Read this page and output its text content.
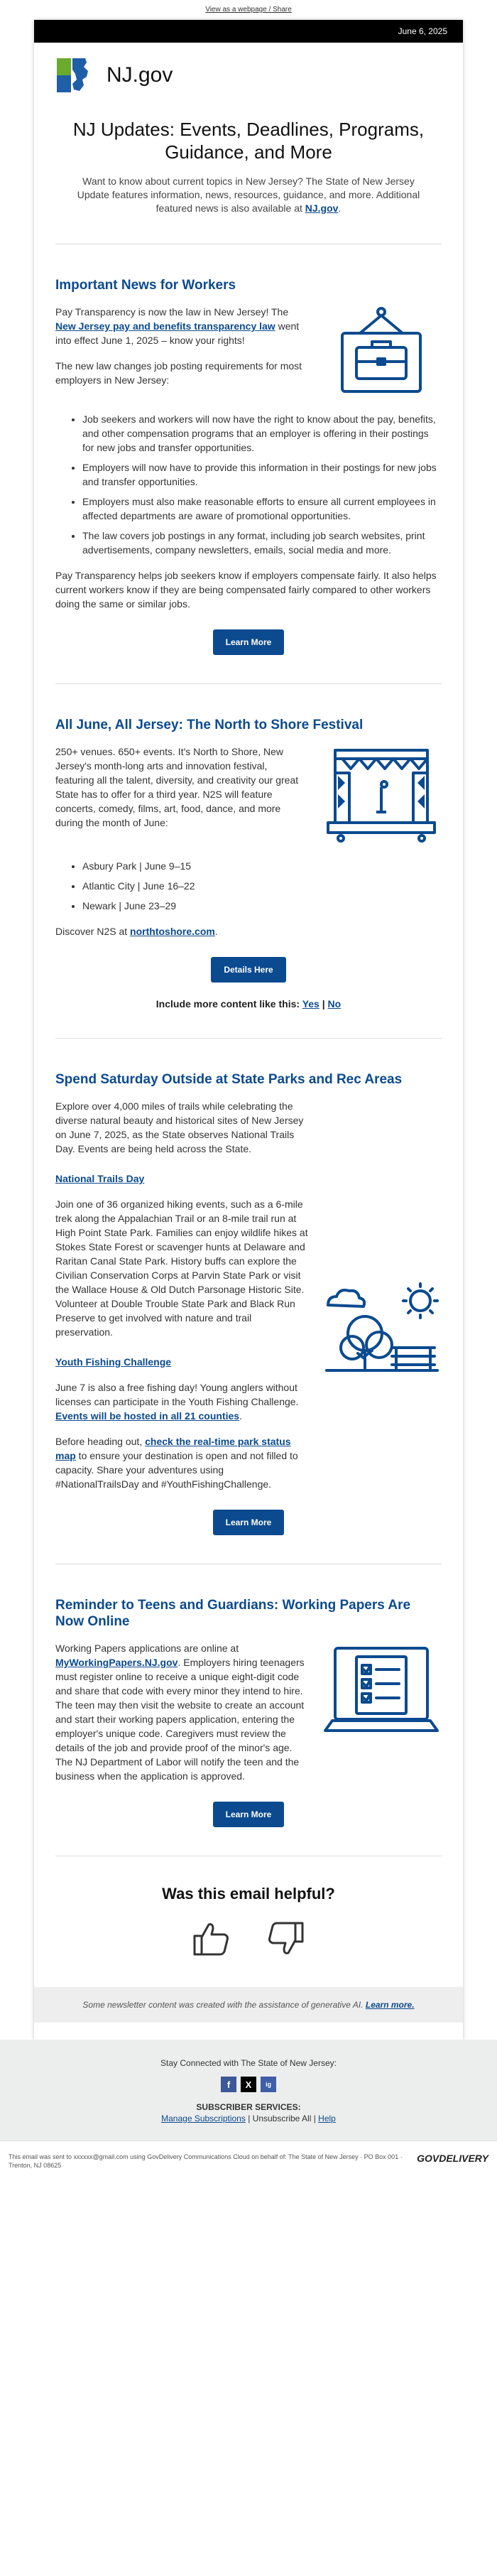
View as a webpage / Share
June 6, 2025
NJ.gov
NJ Updates: Events, Deadlines, Programs, Guidance, and More

Want to know about current topics in New Jersey? The State of New Jersey Update features information, news, resources, guidance, and more. Additional featured news is also available at NJ.gov.

Important News for Workers

Pay Transparency is now the law in New Jersey! The New Jersey pay and benefits transparency law went into effect June 1, 2025 – know your rights!

The new law changes job posting requirements for most employers in New Jersey:

• Job seekers and workers will now have the right to know about the pay, benefits, and other compensation programs that an employer is offering in their postings for new jobs and transfer opportunities.
• Employers will now have to provide this information in their postings for new jobs and transfer opportunities.
• Employers must also make reasonable efforts to ensure all current employees in affected departments are aware of promotional opportunities.
• The law covers job postings in any format, including job search websites, print advertisements, company newsletters, emails, social media and more.

Pay Transparency helps job seekers know if employers compensate fairly. It also helps current workers know if they are being compensated fairly compared to other workers doing the same or similar jobs.

Learn More
All June, All Jersey: The North to Shore Festival

250+ venues. 650+ events. It's North to Shore, New Jersey's month-long arts and innovation festival, featuring all the talent, diversity, and creativity our great State has to offer for a third year. N2S will feature concerts, comedy, films, art, food, dance, and more during the month of June:

• Asbury Park | June 9–15
• Atlantic City | June 16–22
• Newark | June 23–29

Discover N2S at northtoshore.com.

Details Here

Include more content like this: Yes | No

Spend Saturday Outside at State Parks and Rec Areas

Explore over 4,000 miles of trails while celebrating the diverse natural beauty and historical sites of New Jersey on June 7, 2025, as the State observes National Trails Day. Events are being held across the State.

National Trails Day

Join one of 36 organized hiking events, such as a 6-mile trek along the Appalachian Trail or an 8-mile trail run at High Point State Park. Families can enjoy wildlife hikes at Stokes State Forest or scavenger hunts at Delaware and Raritan Canal State Park. History buffs can explore the Civilian Conservation Corps at Parvin State Park or visit the Wallace House & Old Dutch Parsonage Historic Site. Volunteer at Double Trouble State Park and Black Run Preserve to get involved with nature and trail preservation.

Youth Fishing Challenge

June 7 is also a free fishing day! Young anglers without licenses can participate in the Youth Fishing Challenge. Events will be hosted in all 21 counties.

Before heading out, check the real-time park status map to ensure your destination is open and not filled to capacity. Share your adventures using #NationalTrailsDay and #YouthFishingChallenge.

Learn More
Reminder to Teens and Guardians: Working Papers Are Now Online

Working Papers applications are online at MyWorkingPapers.NJ.gov. Employers hiring teenagers must register online to receive a unique eight-digit code and share that code with every minor they intend to hire. The teen may then visit the website to create an account and start their working papers application, entering the employer's unique code. Caregivers must review the details of the job and provide proof of the minor's age. The NJ Department of Labor will notify the teen and the business when the application is approved.

Learn More
Was this email helpful?
Some newsletter content was created with the assistance of generative AI. Learn more.
Stay Connected with The State of New Jersey:
f	X	ig
SUBSCRIBER SERVICES:
Manage Subscriptions | Unsubscribe All | Help
This email was sent to xxxxxx@gmail.com using GovDelivery Communications Cloud on behalf of: The State of New Jersey · PO Box 001 · Trenton, NJ 08625
GOVDELIVERY
